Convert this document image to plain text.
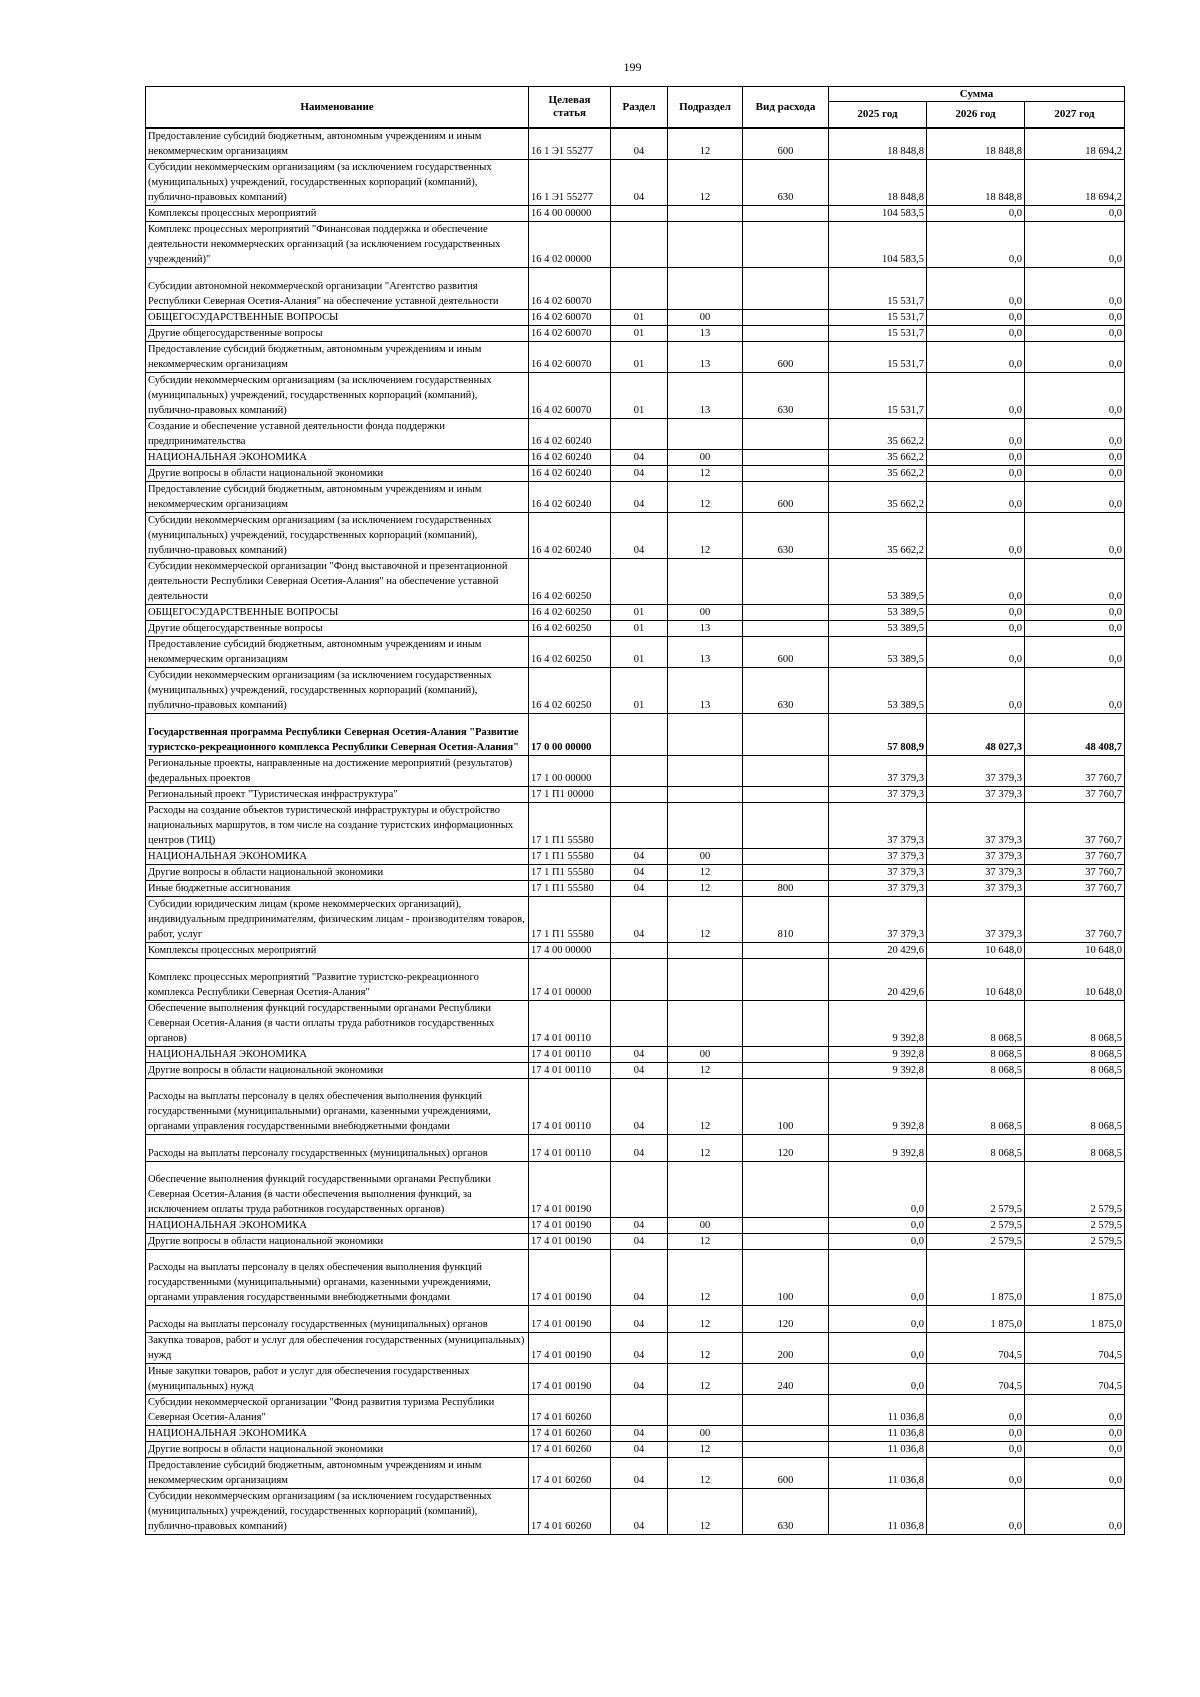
199
Наименование	Целевая статья	Раздел	Подраздел	Вид расхода	Сумма		
					2025 год	2026 год	2027 год
Предоставление субсидий бюджетным, автономным учреждениям и иным некоммерческим организациям	16 1 Э1 55277	04	12	600	18 848,8	18 848,8	18 694,2
Субсидии некоммерческим организациям (за исключением государственных (муниципальных) учреждений, государственных корпораций (компаний), публично-правовых компаний)	16 1 Э1 55277	04	12	630	18 848,8	18 848,8	18 694,2
Комплексы процессных мероприятий	16 4 00 00000				104 583,5	0,0	0,0
Комплекс процессных мероприятий "Финансовая поддержка и обеспечение деятельности некоммерческих организаций (за исключением государственных учреждений)"	16 4 02 00000				104 583,5	0,0	0,0
Субсидии автономной некоммерческой организации "Агентство развития Республики Северная Осетия-Алания" на обеспечение уставной деятельности	16 4 02 60070				15 531,7	0,0	0,0
ОБЩЕГОСУДАРСТВЕННЫЕ ВОПРОСЫ	16 4 02 60070	01	00		15 531,7	0,0	0,0
Другие общегосударственные вопросы	16 4 02 60070	01	13		15 531,7	0,0	0,0
Предоставление субсидий бюджетным, автономным учреждениям и иным некоммерческим организациям	16 4 02 60070	01	13	600	15 531,7	0,0	0,0
Субсидии некоммерческим организациям (за исключением государственных (муниципальных) учреждений, государственных корпораций (компаний), публично-правовых компаний)	16 4 02 60070	01	13	630	15 531,7	0,0	0,0
Создание и обеспечение уставной деятельности фонда поддержки предпринимательства	16 4 02 60240				35 662,2	0,0	0,0
НАЦИОНАЛЬНАЯ ЭКОНОМИКА	16 4 02 60240	04	00		35 662,2	0,0	0,0
Другие вопросы в области национальной экономики	16 4 02 60240	04	12		35 662,2	0,0	0,0
Предоставление субсидий бюджетным, автономным учреждениям и иным некоммерческим организациям	16 4 02 60240	04	12	600	35 662,2	0,0	0,0
Субсидии некоммерческим организациям (за исключением государственных (муниципальных) учреждений, государственных корпораций (компаний), публично-правовых компаний)	16 4 02 60240	04	12	630	35 662,2	0,0	0,0
Субсидии некоммерческой организации "Фонд выставочной и презентационной деятельности Республики Северная Осетия-Алания" на обеспечение уставной деятельности	16 4 02 60250				53 389,5	0,0	0,0
ОБЩЕГОСУДАРСТВЕННЫЕ ВОПРОСЫ	16 4 02 60250	01	00		53 389,5	0,0	0,0
Другие общегосударственные вопросы	16 4 02 60250	01	13		53 389,5	0,0	0,0
Предоставление субсидий бюджетным, автономным учреждениям и иным некоммерческим организациям	16 4 02 60250	01	13	600	53 389,5	0,0	0,0
Субсидии некоммерческим организациям (за исключением государственных (муниципальных) учреждений, государственных корпораций (компаний), публично-правовых компаний)	16 4 02 60250	01	13	630	53 389,5	0,0	0,0
Государственная программа Республики Северная Осетия-Алания "Развитие туристско-рекреационного комплекса Республики Северная Осетия-Алания"	17 0 00 00000				57 808,9	48 027,3	48 408,7
Региональные проекты, направленные на достижение мероприятий (результатов) федеральных проектов	17 1 00 00000				37 379,3	37 379,3	37 760,7
Региональный проект "Туристическая инфраструктура"	17 1 П1 00000				37 379,3	37 379,3	37 760,7
Расходы на создание объектов туристической инфраструктуры и обустройство национальных маршрутов, в том числе на создание туристских информационных центров (ТИЦ)	17 1 П1 55580				37 379,3	37 379,3	37 760,7
НАЦИОНАЛЬНАЯ ЭКОНОМИКА	17 1 П1 55580	04	00		37 379,3	37 379,3	37 760,7
Другие вопросы в области национальной экономики	17 1 П1 55580	04	12		37 379,3	37 379,3	37 760,7
Иные бюджетные ассигнования	17 1 П1 55580	04	12	800	37 379,3	37 379,3	37 760,7
Субсидии юридическим лицам (кроме некоммерческих организаций), индивидуальным предпринимателям, физическим лицам - производителям товаров, работ, услуг	17 1 П1 55580	04	12	810	37 379,3	37 379,3	37 760,7
Комплексы процессных мероприятий	17 4 00 00000				20 429,6	10 648,0	10 648,0
Комплекс процессных мероприятий "Развитие туристско-рекреационного комплекса Республики Северная Осетия-Алания"	17 4 01 00000				20 429,6	10 648,0	10 648,0
Обеспечение выполнения функций государственными органами Республики Северная Осетия-Алания (в части оплаты труда работников государственных органов)	17 4 01 00110				9 392,8	8 068,5	8 068,5
НАЦИОНАЛЬНАЯ ЭКОНОМИКА	17 4 01 00110	04	00		9 392,8	8 068,5	8 068,5
Другие вопросы в области национальной экономики	17 4 01 00110	04	12		9 392,8	8 068,5	8 068,5
Расходы на выплаты персоналу в целях обеспечения выполнения функций государственными (муниципальными) органами, казенными учреждениями, органами управления государственными внебюджетными фондами	17 4 01 00110	04	12	100	9 392,8	8 068,5	8 068,5
Расходы на выплаты персоналу государственных (муниципальных) органов	17 4 01 00110	04	12	120	9 392,8	8 068,5	8 068,5
Обеспечение выполнения функций государственными органами Республики Северная Осетия-Алания (в части обеспечения выполнения функций, за исключением оплаты труда работников государственных органов)	17 4 01 00190				0,0	2 579,5	2 579,5
НАЦИОНАЛЬНАЯ ЭКОНОМИКА	17 4 01 00190	04	00		0,0	2 579,5	2 579,5
Другие вопросы в области национальной экономики	17 4 01 00190	04	12		0,0	2 579,5	2 579,5
Расходы на выплаты персоналу в целях обеспечения выполнения функций государственными (муниципальными) органами, казенными учреждениями, органами управления государственными внебюджетными фондами	17 4 01 00190	04	12	100	0,0	1 875,0	1 875,0
Расходы на выплаты персоналу государственных (муниципальных) органов	17 4 01 00190	04	12	120	0,0	1 875,0	1 875,0
Закупка товаров, работ и услуг для обеспечения государственных (муниципальных) нужд	17 4 01 00190	04	12	200	0,0	704,5	704,5
Иные закупки товаров, работ и услуг для обеспечения государственных (муниципальных) нужд	17 4 01 00190	04	12	240	0,0	704,5	704,5
Субсидии некоммерческой организации "Фонд развития туризма Республики Северная Осетия-Алания"	17 4 01 60260				11 036,8	0,0	0,0
НАЦИОНАЛЬНАЯ ЭКОНОМИКА	17 4 01 60260	04	00		11 036,8	0,0	0,0
Другие вопросы в области национальной экономики	17 4 01 60260	04	12		11 036,8	0,0	0,0
Предоставление субсидий бюджетным, автономным учреждениям и иным некоммерческим организациям	17 4 01 60260	04	12	600	11 036,8	0,0	0,0
Субсидии некоммерческим организациям (за исключением государственных (муниципальных) учреждений, государственных корпораций (компаний), публично-правовых компаний)	17 4 01 60260	04	12	630	11 036,8	0,0	0,0
